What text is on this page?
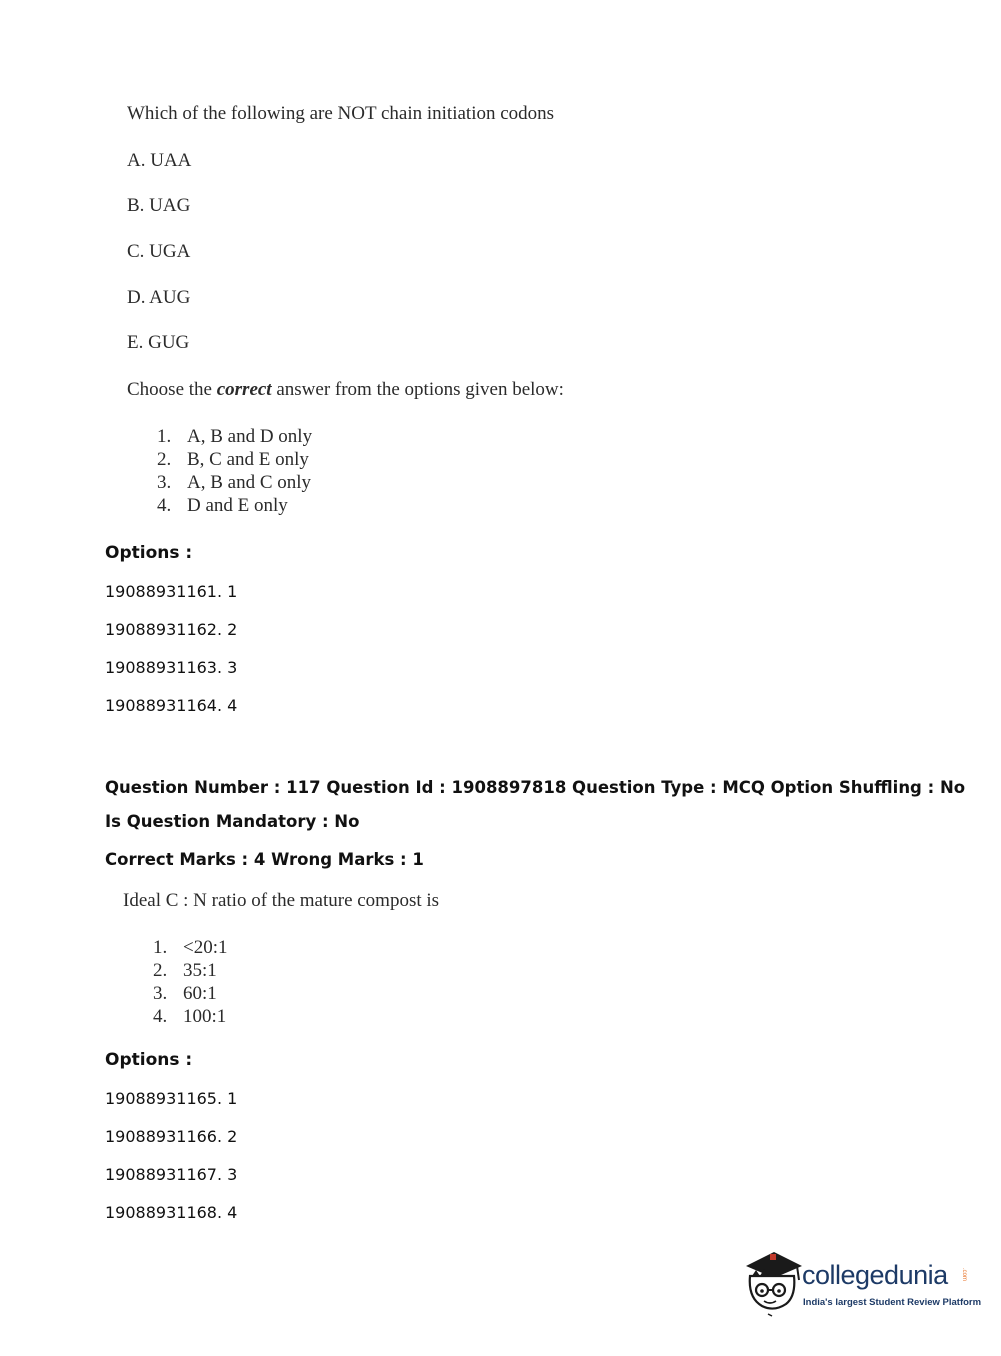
Which of the following are NOT chain initiation codons
A. UAA
B. UAG
C. UGA
D. AUG
E. GUG
Choose the correct answer from the options given below:
1. A, B and D only
2. B, C and E only
3. A, B and C only
4. D and E only
Options :
19088931161. 1
19088931162. 2
19088931163. 3
19088931164. 4
Question Number : 117 Question Id : 1908897818 Question Type : MCQ Option Shuffling : No
Is Question Mandatory : No
Correct Marks : 4 Wrong Marks : 1
Ideal C : N ratio of the mature compost is
1. <20:1
2. 35:1
3. 60:1
4. 100:1
Options :
19088931165. 1
19088931166. 2
19088931167. 3
19088931168. 4
collegedunia .com
India's largest Student Review Platform
